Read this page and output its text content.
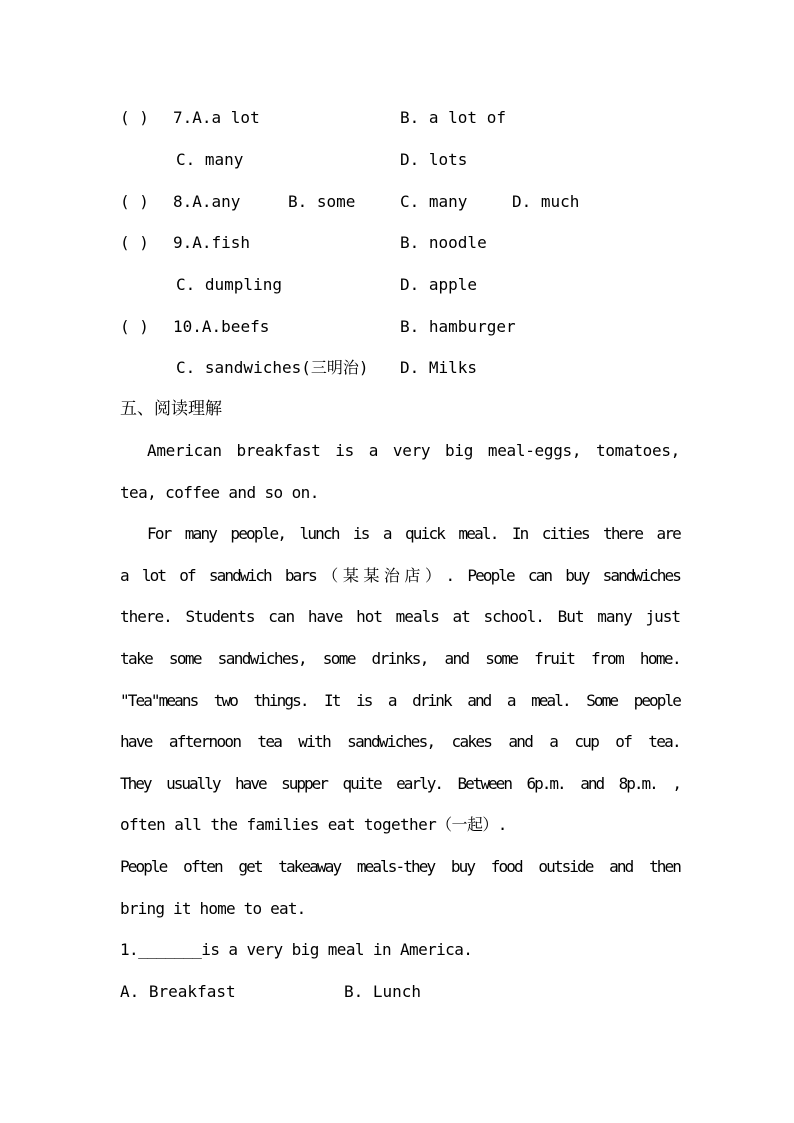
( ) 7.A.a lot	B. a lot of
C. many	D. lots
( ) 8.A.any	B. some	C. many	D. much
( ) 9.A.fish	B. noodle
C. dumpling	D. apple
( ) 10.A.beefs	B. hamburger
C. sandwiches(三明治) D. Milks
五、阅读理解
American breakfast is a very big meal-eggs, tomatoes,
tea, coffee and so on.
For many people, lunch is a quick meal. In cities there are
a lot of sandwich bars（某某治店）. People can buy sandwiches
there. Students can have hot meals at school. But many just
take some sandwiches, some drinks, and some fruit from home.
"Tea"means two things. It is a drink and a meal. Some people
have afternoon tea with sandwiches, cakes and a cup of tea.
They usually have supper quite early. Between 6p.m. and 8p.m. ,
often all the families eat together（一起）.
People often get takeaway meals-they buy food outside and then
bring it home to eat.
1._______is a very big meal in America.
A. Breakfast	B. Lunch
